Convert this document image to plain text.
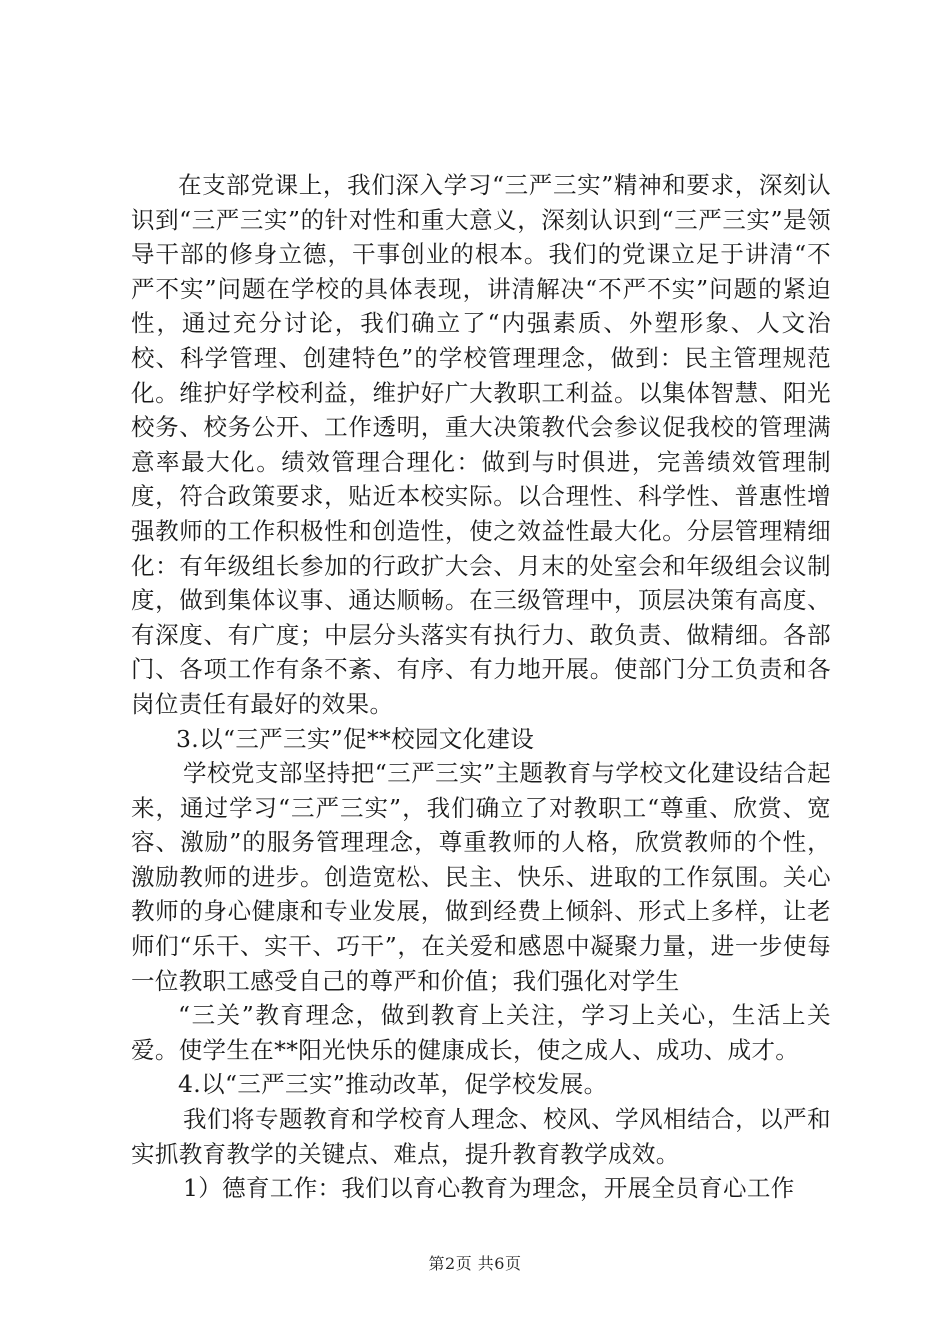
在支部党课上，我们深入学习“三严三实”精神和要求，深刻认识到“三严三实”的针对性和重大意义，深刻认识到“三严三实”是领导干部的修身立德，干事创业的根本。我们的党课立足于讲清“不严不实”问题在学校的具体表现，讲清解决“不严不实”问题的紧迫性，通过充分讨论，我们确立了“内强素质、外塑形象、人文治校、科学管理、创建特色”的学校管理理念，做到：民主管理规范化。维护好学校利益，维护好广大教职工利益。以集体智慧、阳光校务、校务公开、工作透明，重大决策教代会参议促我校的管理满意率最大化。绩效管理合理化：做到与时俱进，完善绩效管理制度，符合政策要求，贴近本校实际。以合理性、科学性、普惠性增强教师的工作积极性和创造性，使之效益性最大化。分层管理精细化：有年级组长参加的行政扩大会、月末的处室会和年级组会议制度，做到集体议事、通达顺畅。在三级管理中，顶层决策有高度、有深度、有广度；中层分头落实有执行力、敢负责、做精细。各部门、各项工作有条不紊、有序、有力地开展。使部门分工负责和各岗位责任有最好的效果。

3.以“三严三实”促**校园文化建设

学校党支部坚持把“三严三实”主题教育与学校文化建设结合起来，通过学习“三严三实”，我们确立了对教职工“尊重、欣赏、宽容、激励”的服务管理理念，尊重教师的人格，欣赏教师的个性，激励教师的进步。创造宽松、民主、快乐、进取的工作氛围。关心教师的身心健康和专业发展，做到经费上倾斜、形式上多样，让老师们“乐干、实干、巧干”，在关爱和感恩中凝聚力量，进一步使每一位教职工感受自己的尊严和价值；我们强化对学生

“三关”教育理念，做到教育上关注，学习上关心，生活上关爱。使学生在**阳光快乐的健康成长，使之成人、成功、成才。

4.以“三严三实”推动改革，促学校发展。

我们将专题教育和学校育人理念、校风、学风相结合，以严和实抓教育教学的关键点、难点，提升教育教学成效。

1）德育工作：我们以育心教育为理念，开展全员育心工作

第2页 共6页
